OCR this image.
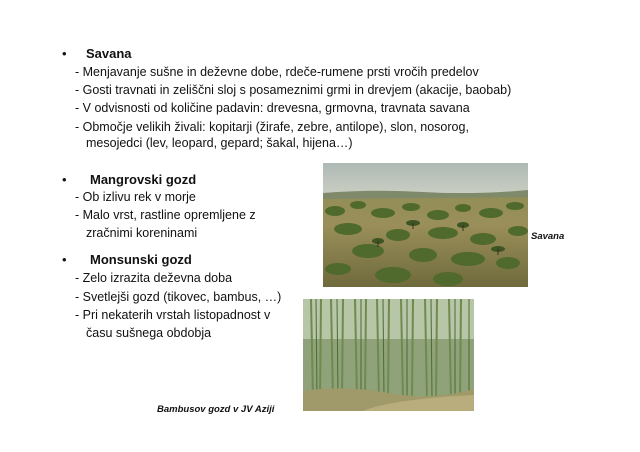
• Savana
- Menjavanje sušne in deževne dobe, rdeče-rumene prsti vročih predelov
- Gosti travnati in zeliščni sloj s posameznimi grmi in drevjem (akacije, baobab)
- V odvisnosti od količine padavin: drevesna, grmovna, travnata savana
- Območje velikih živali: kopitarji (žirafe, zebre, antilope), slon, nosorog,
mesojedci (lev, leopard, gepard; šakal, hijena…)
• Mangrovski gozd
- Ob izlivu rek v morje
- Malo vrst, rastline opremljene z
zračnimi koreninami
• Monsunski gozd
- Zelo izrazita deževna doba
- Svetlejši gozd (tikovec, bambus, …)
- Pri nekaterih vrstah listopadnost v
času sušnega obdobja
Savana
Bambusov gozd v JV Aziji
